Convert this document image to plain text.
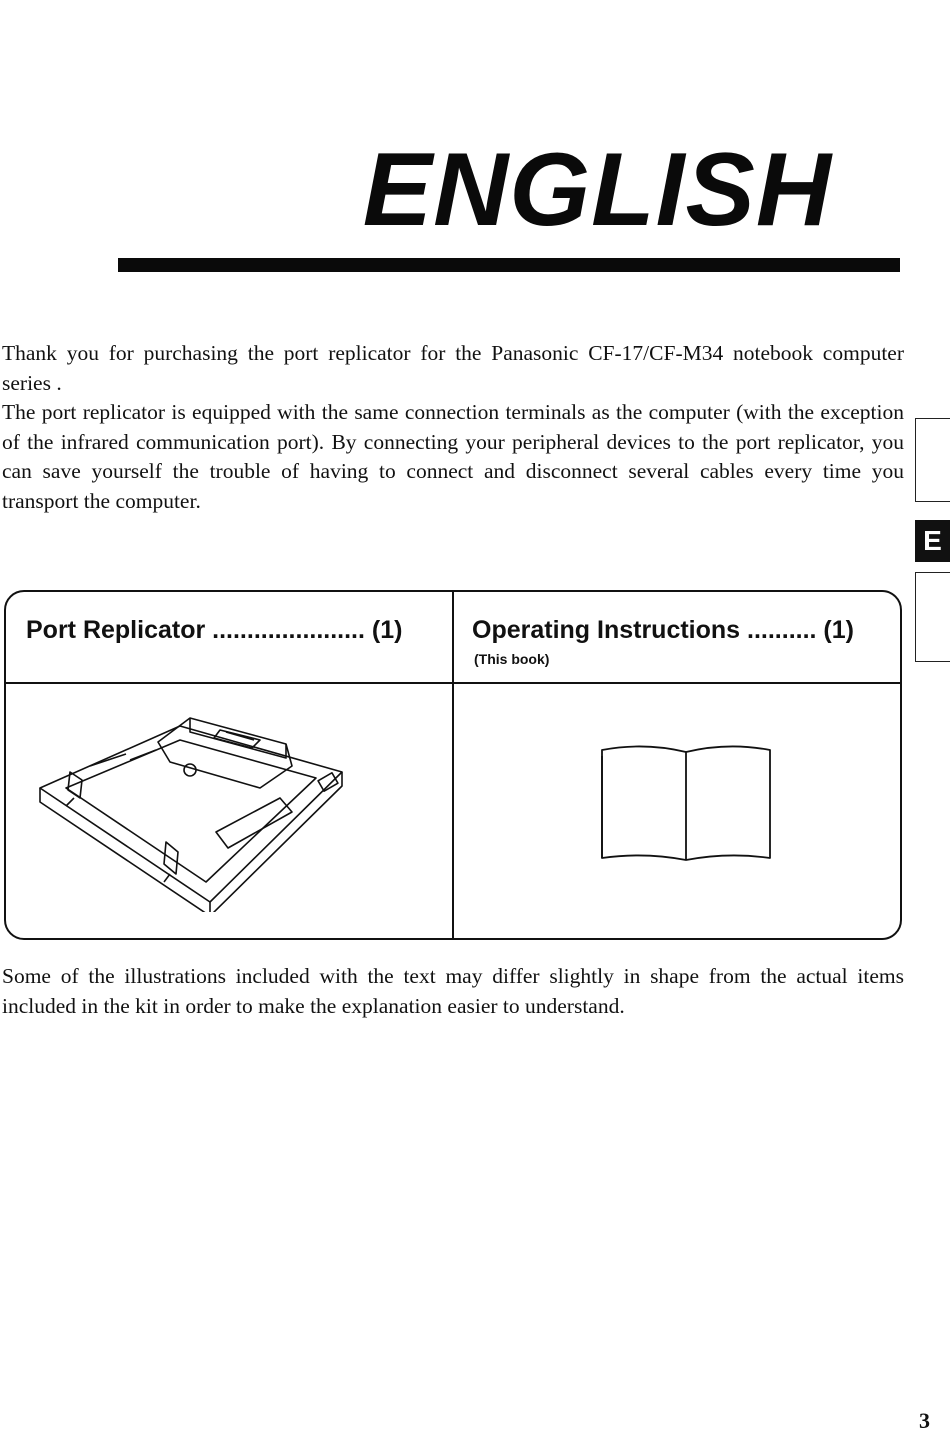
ENGLISH

Thank you for purchasing the port replicator for the Panasonic CF-17/CF-M34 notebook computer series .

The port replicator is equipped with the same connection terminals as the computer (with the exception of the infrared communication port). By connecting your peripheral devices to the port replicator, you can save yourself the trouble of having to connect and disconnect several cables every time you transport the computer.

E
Port Replicator ...................... (1)	Operating Instructions .......... (1)
(This book)
Some of the illustrations included with the text may differ slightly in shape from the actual items included in the kit in order to make the explanation easier to understand.
3
